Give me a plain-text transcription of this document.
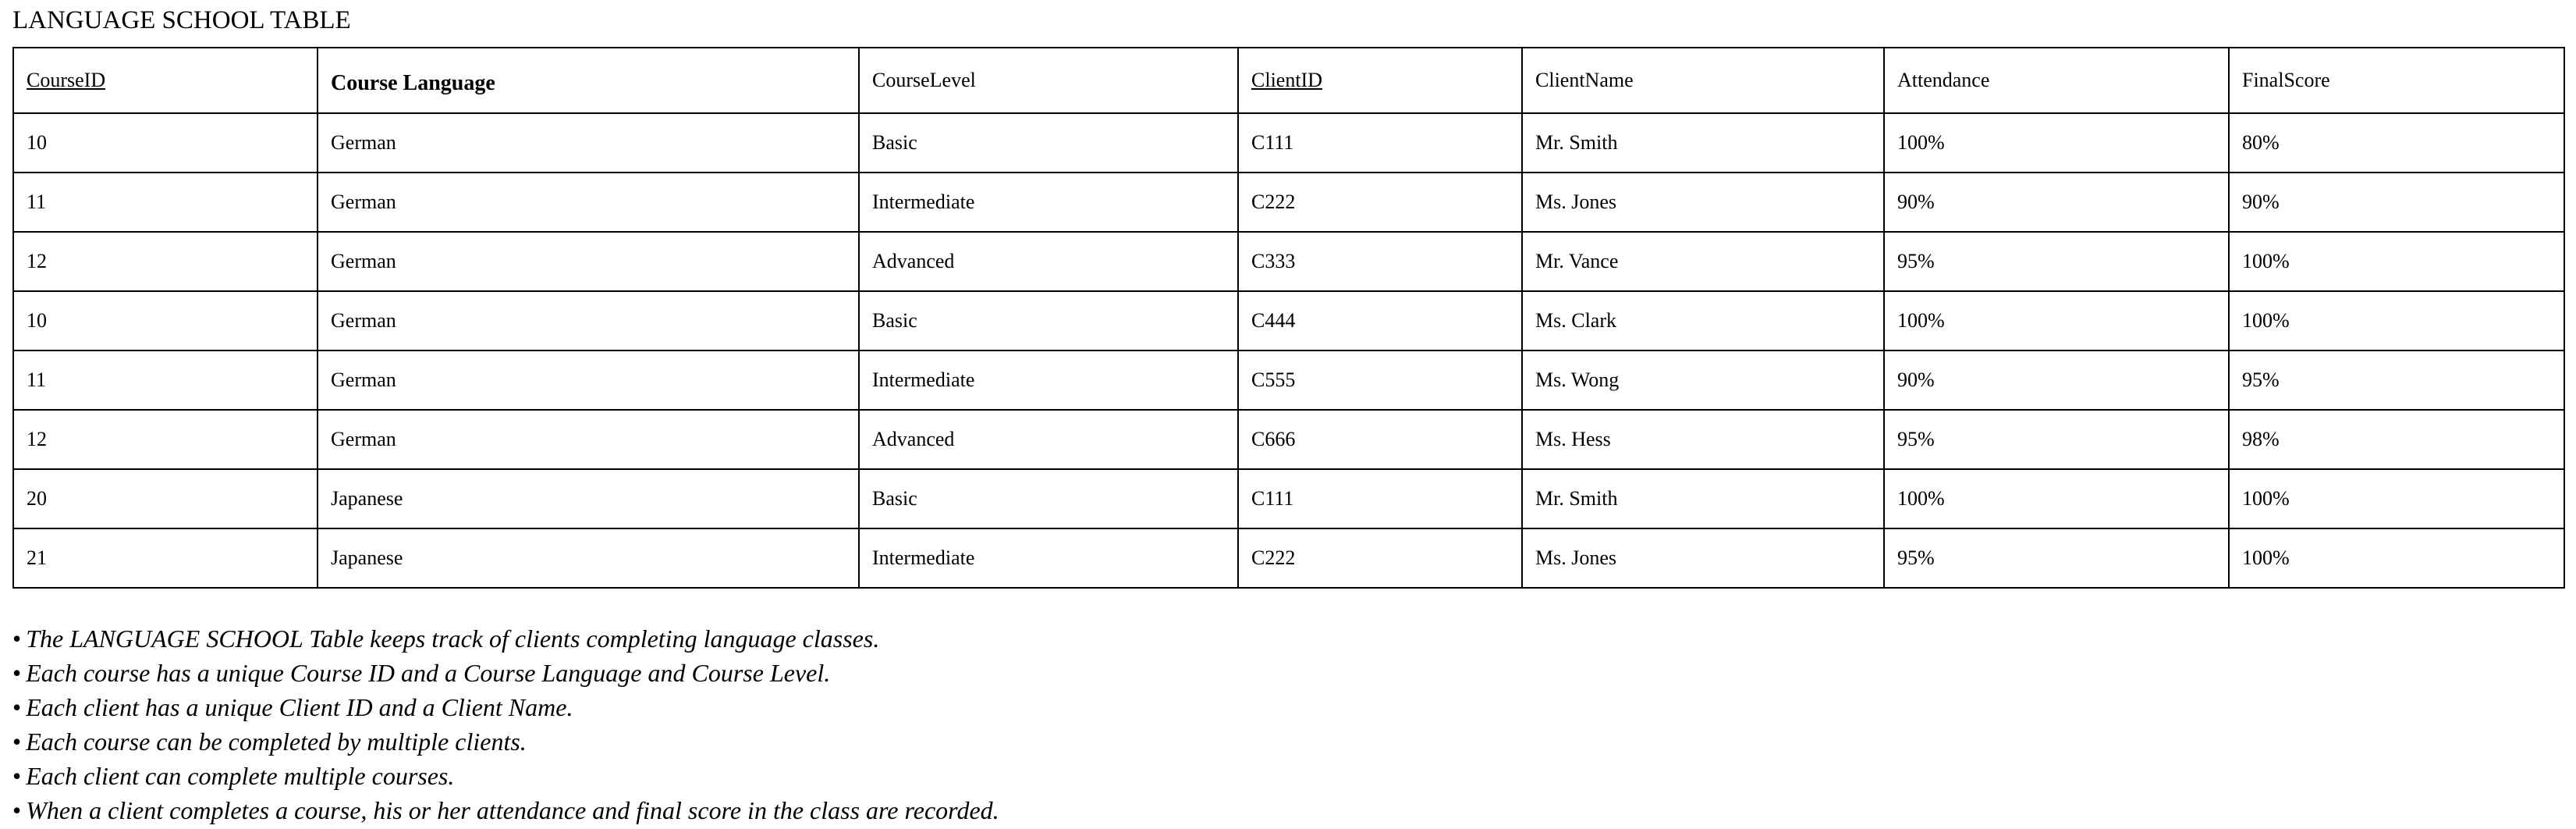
LANGUAGE SCHOOL TABLE
CourseID	Course Language	CourseLevel	ClientID	ClientName	Attendance	FinalScore
10	German	Basic	C111	Mr. Smith	100%	80%
11	German	Intermediate	C222	Ms. Jones	90%	90%
12	German	Advanced	C333	Mr. Vance	95%	100%
10	German	Basic	C444	Ms. Clark	100%	100%
11	German	Intermediate	C555	Ms. Wong	90%	95%
12	German	Advanced	C666	Ms. Hess	95%	98%
20	Japanese	Basic	C111	Mr. Smith	100%	100%
21	Japanese	Intermediate	C222	Ms. Jones	95%	100%
• The LANGUAGE SCHOOL Table keeps track of clients completing language classes.
• Each course has a unique Course ID and a Course Language and Course Level.
• Each client has a unique Client ID and a Client Name.
• Each course can be completed by multiple clients.
• Each client can complete multiple courses.
• When a client completes a course, his or her attendance and final score in the class are recorded.
